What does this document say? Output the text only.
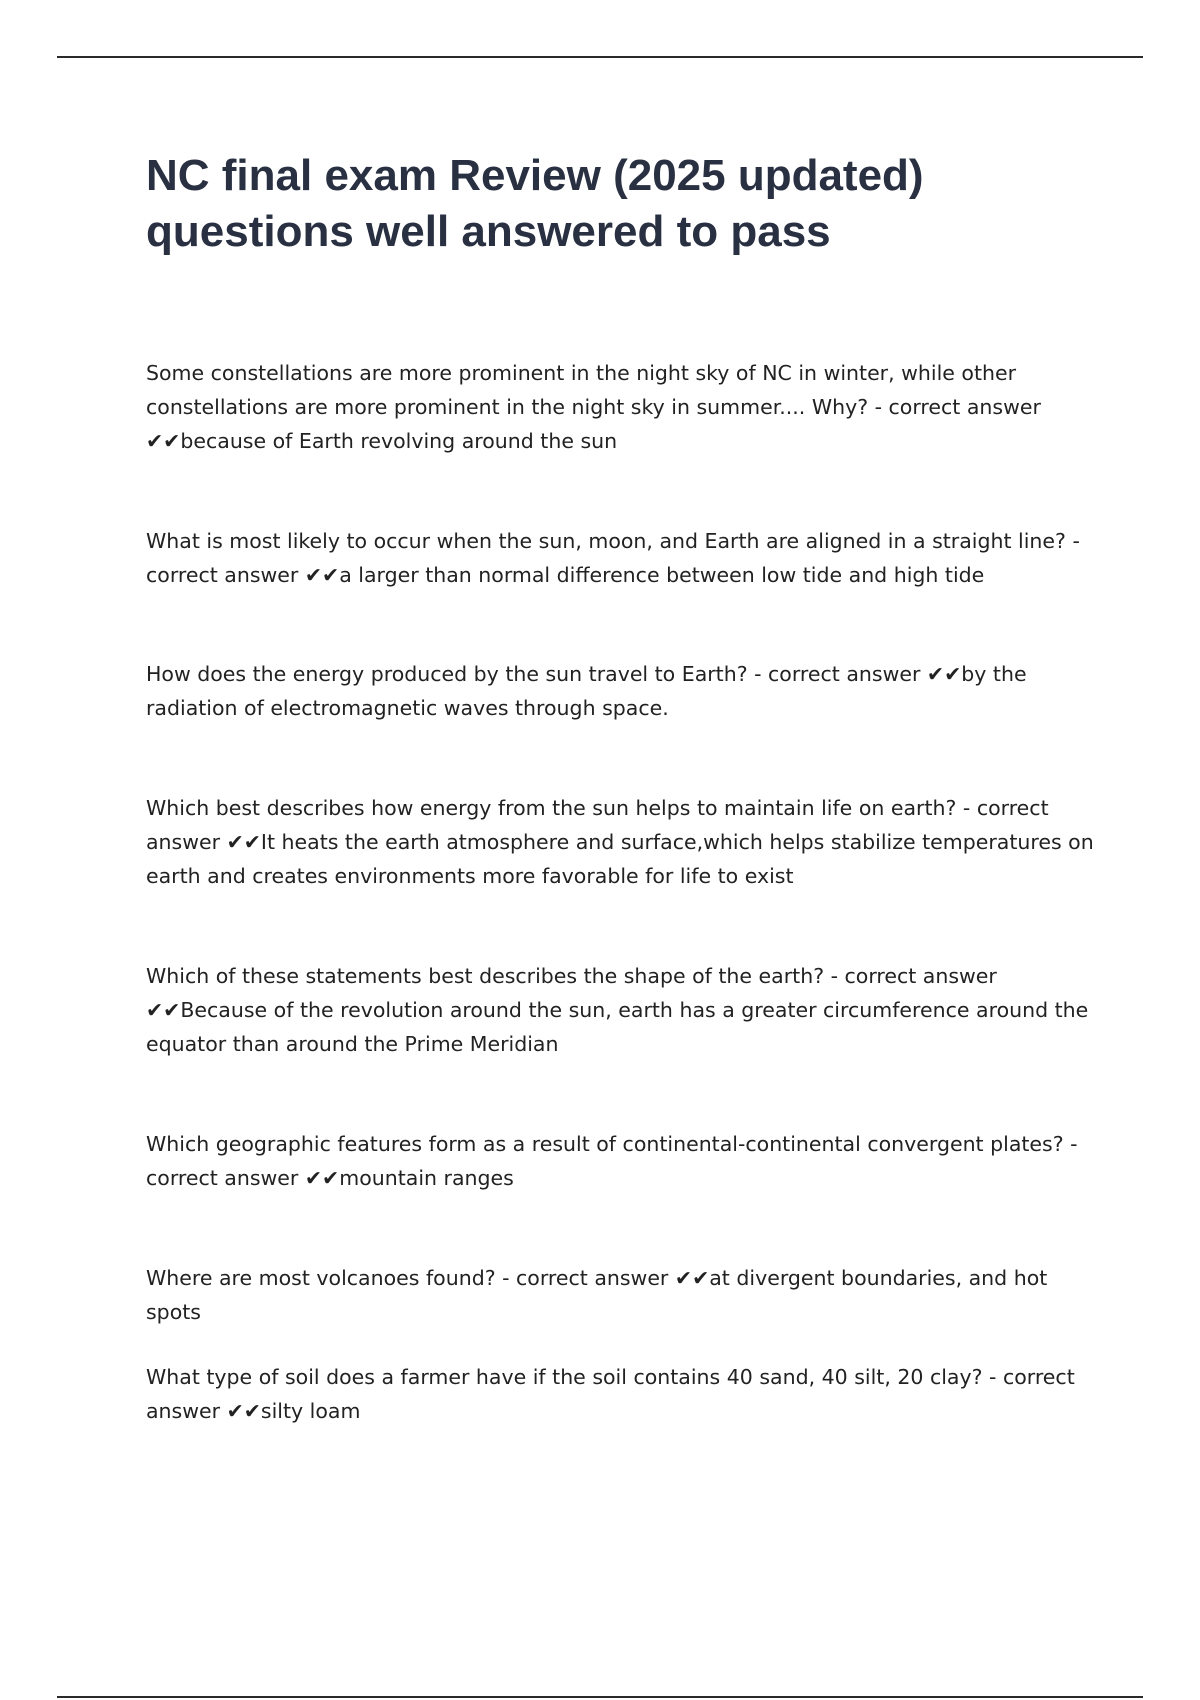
NC final exam Review (2025 updated)
questions well answered to pass
Some constellations are more prominent in the night sky of NC in winter, while other constellations are more prominent in the night sky in summer.... Why? - correct answer ✔✔because of Earth revolving around the sun
What is most likely to occur when the sun, moon, and Earth are aligned in a straight line? - correct answer ✔✔a larger than normal difference between low tide and high tide
How does the energy produced by the sun travel to Earth? - correct answer ✔✔by the radiation of electromagnetic waves through space.
Which best describes how energy from the sun helps to maintain life on earth? - correct answer ✔✔It heats the earth atmosphere and surface,which helps stabilize temperatures on earth and creates environments more favorable for life to exist
Which of these statements best describes the shape of the earth? - correct answer ✔✔Because of the revolution around the sun, earth has a greater circumference around the equator than around the Prime Meridian
Which geographic features form as a result of continental-continental convergent plates? - correct answer ✔✔mountain ranges
Where are most volcanoes found? - correct answer ✔✔at divergent boundaries, and hot spots
What type of soil does a farmer have if the soil contains 40 sand, 40 silt, 20 clay? - correct answer ✔✔silty loam
